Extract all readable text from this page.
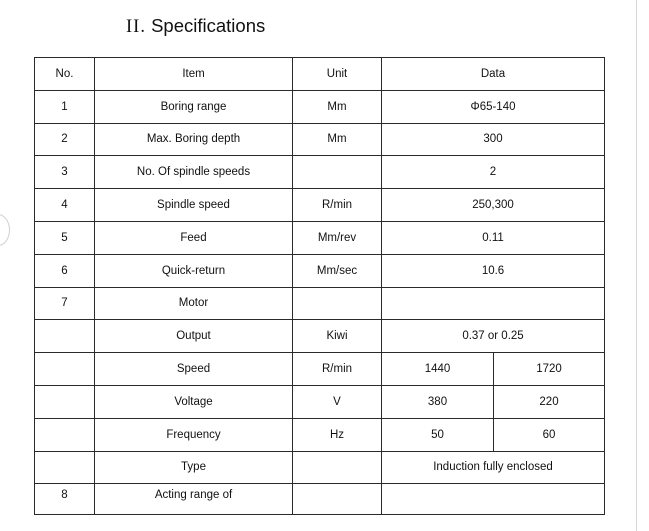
II. Specifications
No.	Item	Unit	Data	
1	Boring range	Mm	Φ65-140	
2	Max. Boring depth	Mm	300	
3	No. Of spindle speeds		2	
4	Spindle speed	R/min	250,300	
5	Feed	Mm/rev	0.11	
6	Quick-return	Mm/sec	10.6	
7	Motor			
	Output	Kiwi	0.37 or 0.25	
	Speed	R/min	1440	1720
	Voltage	V	380	220
	Frequency	Hz	50	60
	Type		Induction fully enclosed	
8	Acting range of			
